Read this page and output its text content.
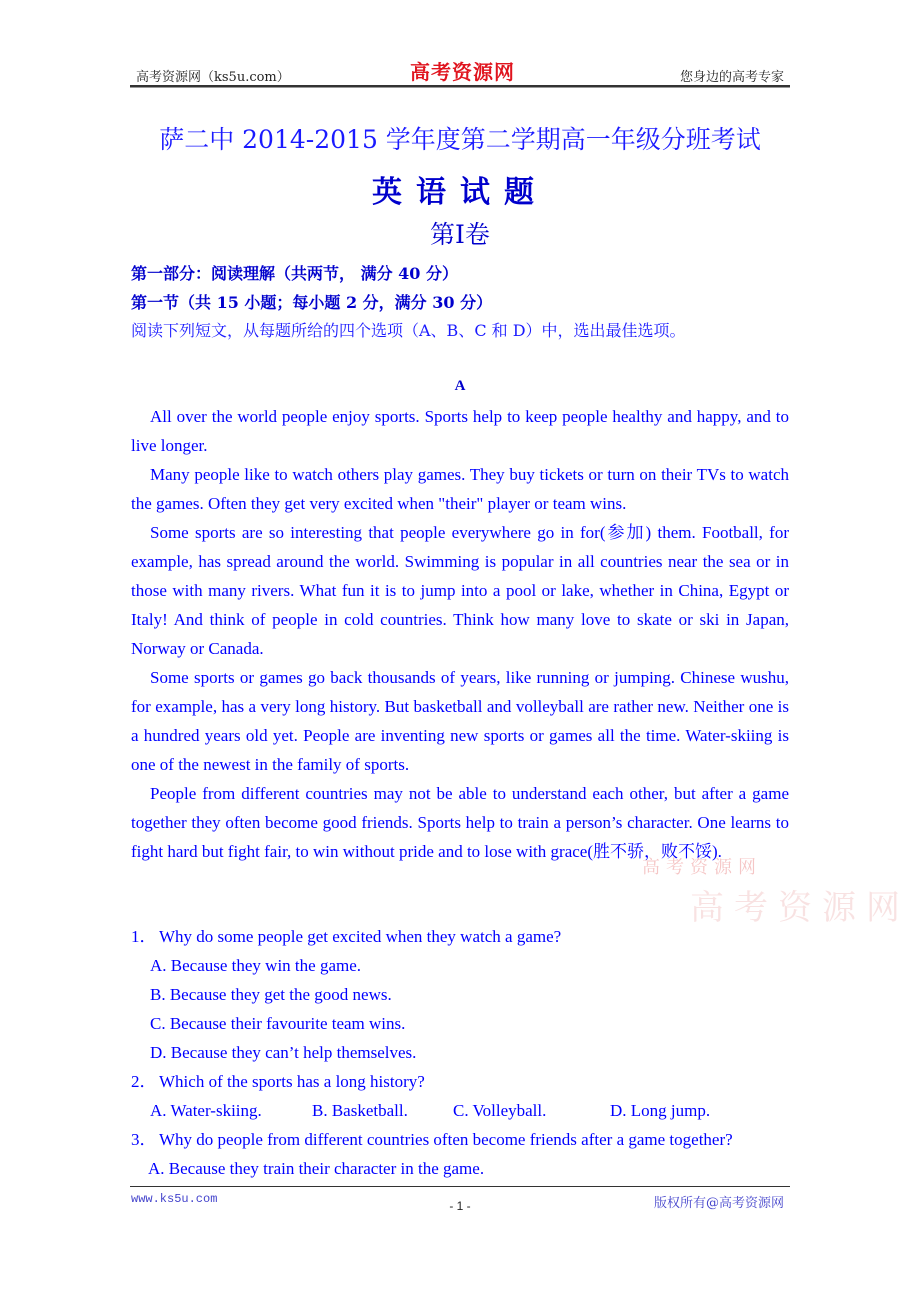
高考资源网（ks5u.com）	高考资源网	您身边的高考专家
萨二中 2014-2015 学年度第二学期高一年级分班考试
英语试题
第I卷
第一部分：阅读理解（共两节， 满分 40 分）
第一节（共 15 小题；每小题 2 分，满分 30 分）
阅读下列短文，从每题所给的四个选项（A、B、C 和 D）中，选出最佳选项。
A

All over the world people enjoy sports. Sports help to keep people healthy and happy, and to live longer.

Many people like to watch others play games. They buy tickets or turn on their TVs to watch the games. Often they get very excited when "their" player or team wins.

Some sports are so interesting that people everywhere go in for(参加) them. Football, for example, has spread around the world. Swimming is popular in all countries near the sea or in those with many rivers. What fun it is to jump into a pool or lake, whether in China, Egypt or Italy! And think of people in cold countries. Think how many love to skate or ski in Japan, Norway or Canada.

Some sports or games go back thousands of years, like running or jumping. Chinese wushu, for example, has a very long history. But basketball and volleyball are rather new. Neither one is a hundred years old yet. People are inventing new sports or games all the time. Water-skiing is one of the newest in the family of sports.

People from different countries may not be able to understand each other, but after a game together they often become good friends. Sports help to train a person’s character. One learns to fight hard but fight fair, to win without pride and to lose with grace(胜不骄，败不馁).

高考资源网
高考资源网
1． Why do some people get excited when they watch a game?
A. Because they win the game.
B. Because they get the good news.
C. Because their favourite team wins.
D. Because they can’t help themselves.
2． Which of the sports has a long history?
A. Water-skiing.	B. Basketball.	C. Volleyball.	D. Long jump.
3． Why do people from different countries often become friends after a game together?
A. Because they train their character in the game.
www.ks5u.com	- 1 -	版权所有@高考资源网
